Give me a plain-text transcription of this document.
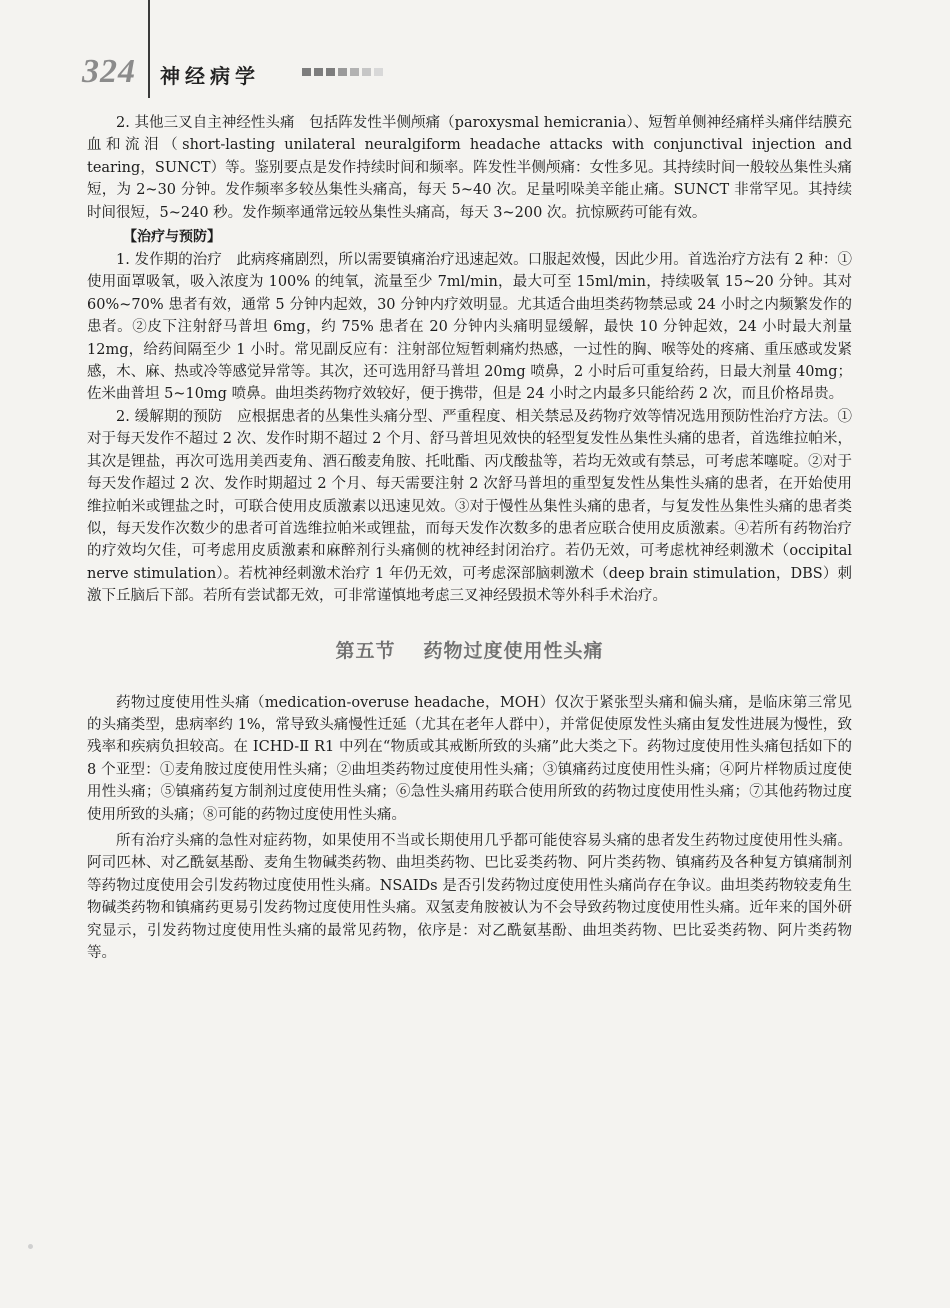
324 神经病学

2. 其他三叉自主神经性头痛　包括阵发性半侧颅痛（paroxysmal hemicrania）、短暂单侧神经痛样头痛伴结膜充血和流泪（short-lasting unilateral neuralgiform headache attacks with conjunctival injection and tearing，SUNCT）等。鉴别要点是发作持续时间和频率。阵发性半侧颅痛：女性多见。其持续时间一般较丛集性头痛短，为 2~30 分钟。发作频率多较丛集性头痛高，每天 5~40 次。足量吲哚美辛能止痛。SUNCT 非常罕见。其持续时间很短，5~240 秒。发作频率通常远较丛集性头痛高，每天 3~200 次。抗惊厥药可能有效。

【治疗与预防】

1. 发作期的治疗　此病疼痛剧烈，所以需要镇痛治疗迅速起效。口服起效慢，因此少用。首选治疗方法有 2 种：①使用面罩吸氧，吸入浓度为 100% 的纯氧，流量至少 7ml/min，最大可至 15ml/min，持续吸氧 15~20 分钟。其对 60%~70% 患者有效，通常 5 分钟内起效，30 分钟内疗效明显。尤其适合曲坦类药物禁忌或 24 小时之内频繁发作的患者。②皮下注射舒马普坦 6mg，约 75% 患者在 20 分钟内头痛明显缓解，最快 10 分钟起效，24 小时最大剂量 12mg，给药间隔至少 1 小时。常见副反应有：注射部位短暂刺痛灼热感，一过性的胸、喉等处的疼痛、重压感或发紧感，木、麻、热或冷等感觉异常等。其次，还可选用舒马普坦 20mg 喷鼻，2 小时后可重复给药，日最大剂量 40mg；佐米曲普坦 5~10mg 喷鼻。曲坦类药物疗效较好，便于携带，但是 24 小时之内最多只能给药 2 次，而且价格昂贵。

2. 缓解期的预防　应根据患者的丛集性头痛分型、严重程度、相关禁忌及药物疗效等情况选用预防性治疗方法。①对于每天发作不超过 2 次、发作时期不超过 2 个月、舒马普坦见效快的轻型复发性丛集性头痛的患者，首选维拉帕米，其次是锂盐，再次可选用美西麦角、酒石酸麦角胺、托吡酯、丙戊酸盐等，若均无效或有禁忌，可考虑苯噻啶。②对于每天发作超过 2 次、发作时期超过 2 个月、每天需要注射 2 次舒马普坦的重型复发性丛集性头痛的患者，在开始使用维拉帕米或锂盐之时，可联合使用皮质激素以迅速见效。③对于慢性丛集性头痛的患者，与复发性丛集性头痛的患者类似，每天发作次数少的患者可首选维拉帕米或锂盐，而每天发作次数多的患者应联合使用皮质激素。④若所有药物治疗的疗效均欠佳，可考虑用皮质激素和麻醉剂行头痛侧的枕神经封闭治疗。若仍无效，可考虑枕神经刺激术（occipital nerve stimulation）。若枕神经刺激术治疗 1 年仍无效，可考虑深部脑刺激术（deep brain stimulation，DBS）刺激下丘脑后下部。若所有尝试都无效，可非常谨慎地考虑三叉神经毁损术等外科手术治疗。

第五节 药物过度使用性头痛

药物过度使用性头痛（medication-overuse headache，MOH）仅次于紧张型头痛和偏头痛，是临床第三常见的头痛类型，患病率约 1%，常导致头痛慢性迁延（尤其在老年人群中），并常促使原发性头痛由复发性进展为慢性，致残率和疾病负担较高。在 ICHD-Ⅱ R1 中列在“物质或其戒断所致的头痛”此大类之下。药物过度使用性头痛包括如下的 8 个亚型：①麦角胺过度使用性头痛；②曲坦类药物过度使用性头痛；③镇痛药过度使用性头痛；④阿片样物质过度使用性头痛；⑤镇痛药复方制剂过度使用性头痛；⑥急性头痛用药联合使用所致的药物过度使用性头痛；⑦其他药物过度使用所致的头痛；⑧可能的药物过度使用性头痛。

所有治疗头痛的急性对症药物，如果使用不当或长期使用几乎都可能使容易头痛的患者发生药物过度使用性头痛。阿司匹林、对乙酰氨基酚、麦角生物碱类药物、曲坦类药物、巴比妥类药物、阿片类药物、镇痛药及各种复方镇痛制剂等药物过度使用会引发药物过度使用性头痛。NSAIDs 是否引发药物过度使用性头痛尚存在争议。曲坦类药物较麦角生物碱类药物和镇痛药更易引发药物过度使用性头痛。双氢麦角胺被认为不会导致药物过度使用性头痛。近年来的国外研究显示，引发药物过度使用性头痛的最常见药物，依序是：对乙酰氨基酚、曲坦类药物、巴比妥类药物、阿片类药物等。
